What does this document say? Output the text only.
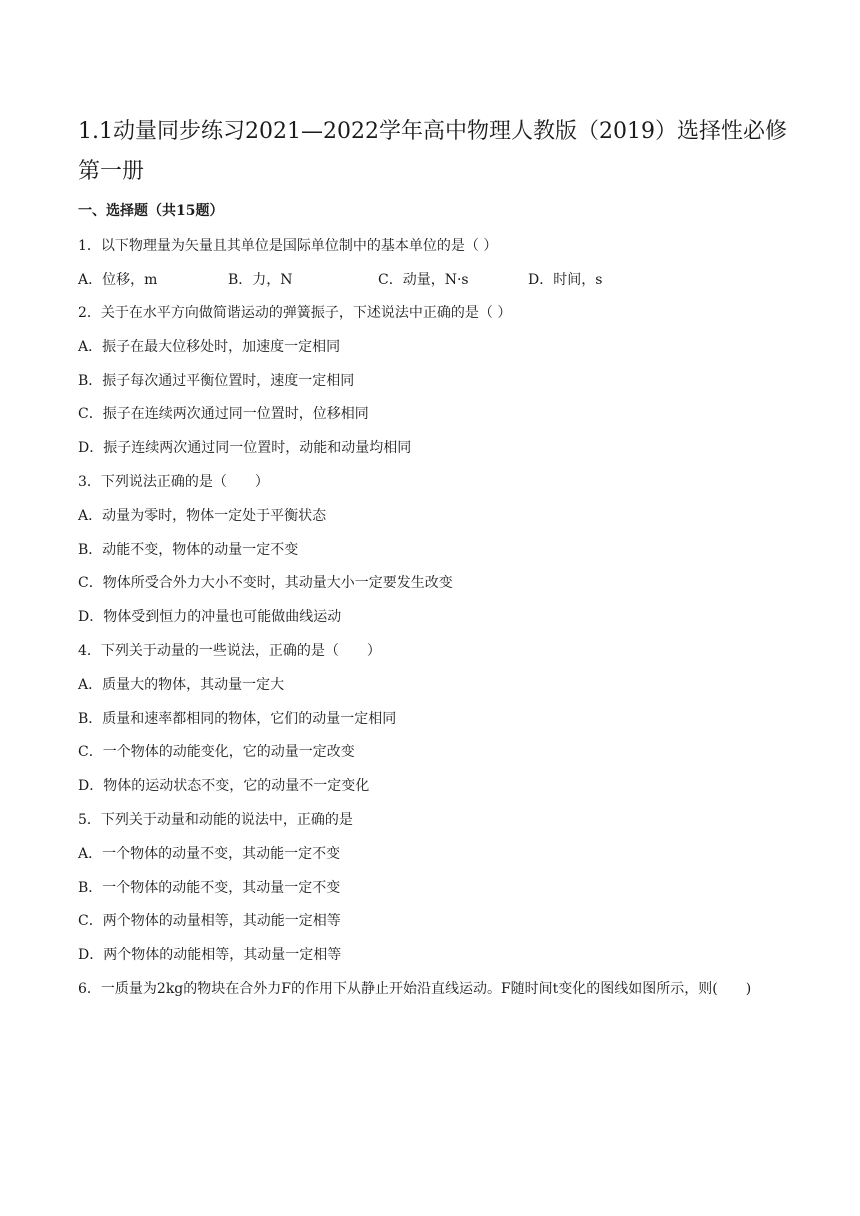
1.1动量同步练习2021—2022学年高中物理人教版（2019）选择性必修第一册

一、选择题（共15题）

1．以下物理量为矢量且其单位是国际单位制中的基本单位的是（ ）
A．位移，m	B．力，N	C．动量，N·s	D．时间，s
2．关于在水平方向做简谐运动的弹簧振子，下述说法中正确的是（ ）
A．振子在最大位移处时，加速度一定相同
B．振子每次通过平衡位置时，速度一定相同
C．振子在连续两次通过同一位置时，位移相同
D．振子连续两次通过同一位置时，动能和动量均相同
3．下列说法正确的是（　　）
A．动量为零时，物体一定处于平衡状态
B．动能不变，物体的动量一定不变
C．物体所受合外力大小不变时，其动量大小一定要发生改变
D．物体受到恒力的冲量也可能做曲线运动
4．下列关于动量的一些说法，正确的是（　　）
A．质量大的物体，其动量一定大
B．质量和速率都相同的物体，它们的动量一定相同
C．一个物体的动能变化，它的动量一定改变
D．物体的运动状态不变，它的动量不一定变化
5．下列关于动量和动能的说法中，正确的是
A．一个物体的动量不变，其动能一定不变
B．一个物体的动能不变，其动量一定不变
C．两个物体的动量相等，其动能一定相等
D．两个物体的动能相等，其动量一定相等
6．一质量为2kg的物块在合外力F的作用下从静止开始沿直线运动。F随时间t变化的图线如图所示，则(　　)
